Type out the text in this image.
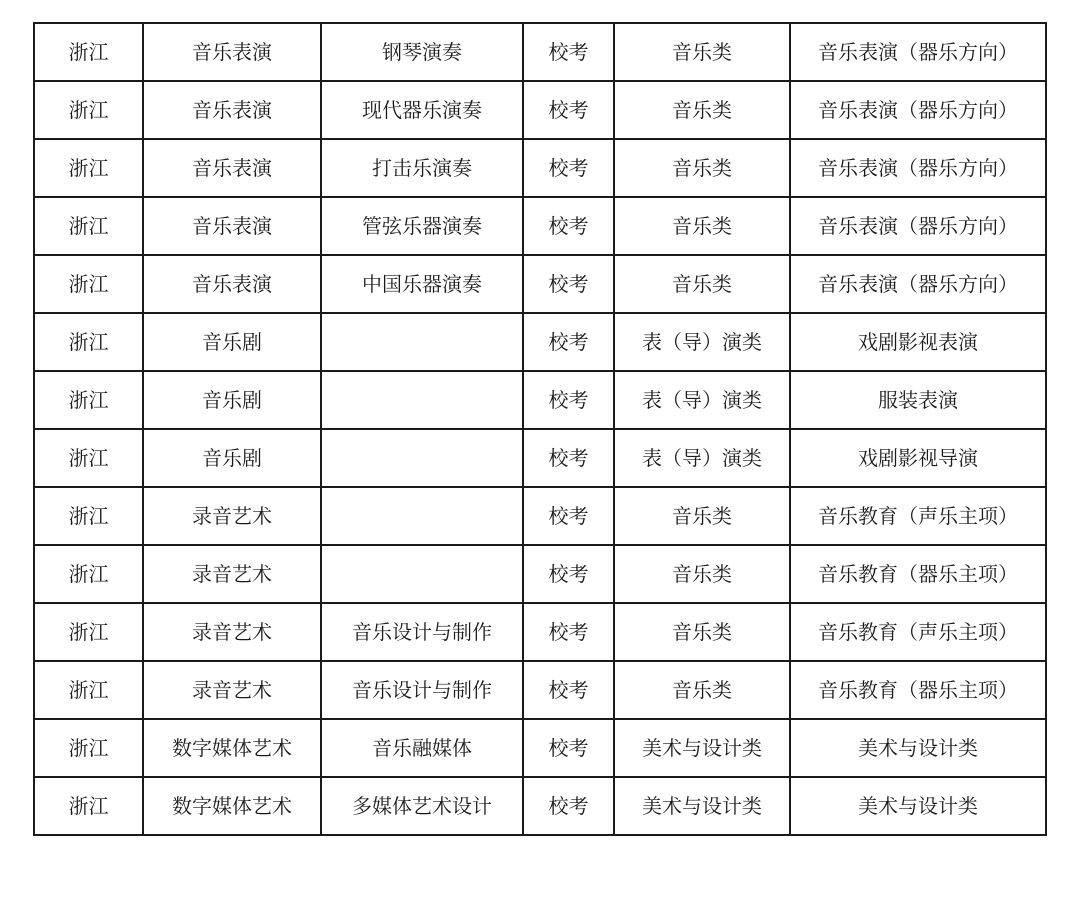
浙江	音乐表演	钢琴演奏	校考	音乐类	音乐表演（器乐方向）
浙江	音乐表演	现代器乐演奏	校考	音乐类	音乐表演（器乐方向）
浙江	音乐表演	打击乐演奏	校考	音乐类	音乐表演（器乐方向）
浙江	音乐表演	管弦乐器演奏	校考	音乐类	音乐表演（器乐方向）
浙江	音乐表演	中国乐器演奏	校考	音乐类	音乐表演（器乐方向）
浙江	音乐剧		校考	表（导）演类	戏剧影视表演
浙江	音乐剧		校考	表（导）演类	服装表演
浙江	音乐剧		校考	表（导）演类	戏剧影视导演
浙江	录音艺术		校考	音乐类	音乐教育（声乐主项）
浙江	录音艺术		校考	音乐类	音乐教育（器乐主项）
浙江	录音艺术	音乐设计与制作	校考	音乐类	音乐教育（声乐主项）
浙江	录音艺术	音乐设计与制作	校考	音乐类	音乐教育（器乐主项）
浙江	数字媒体艺术	音乐融媒体	校考	美术与设计类	美术与设计类
浙江	数字媒体艺术	多媒体艺术设计	校考	美术与设计类	美术与设计类
